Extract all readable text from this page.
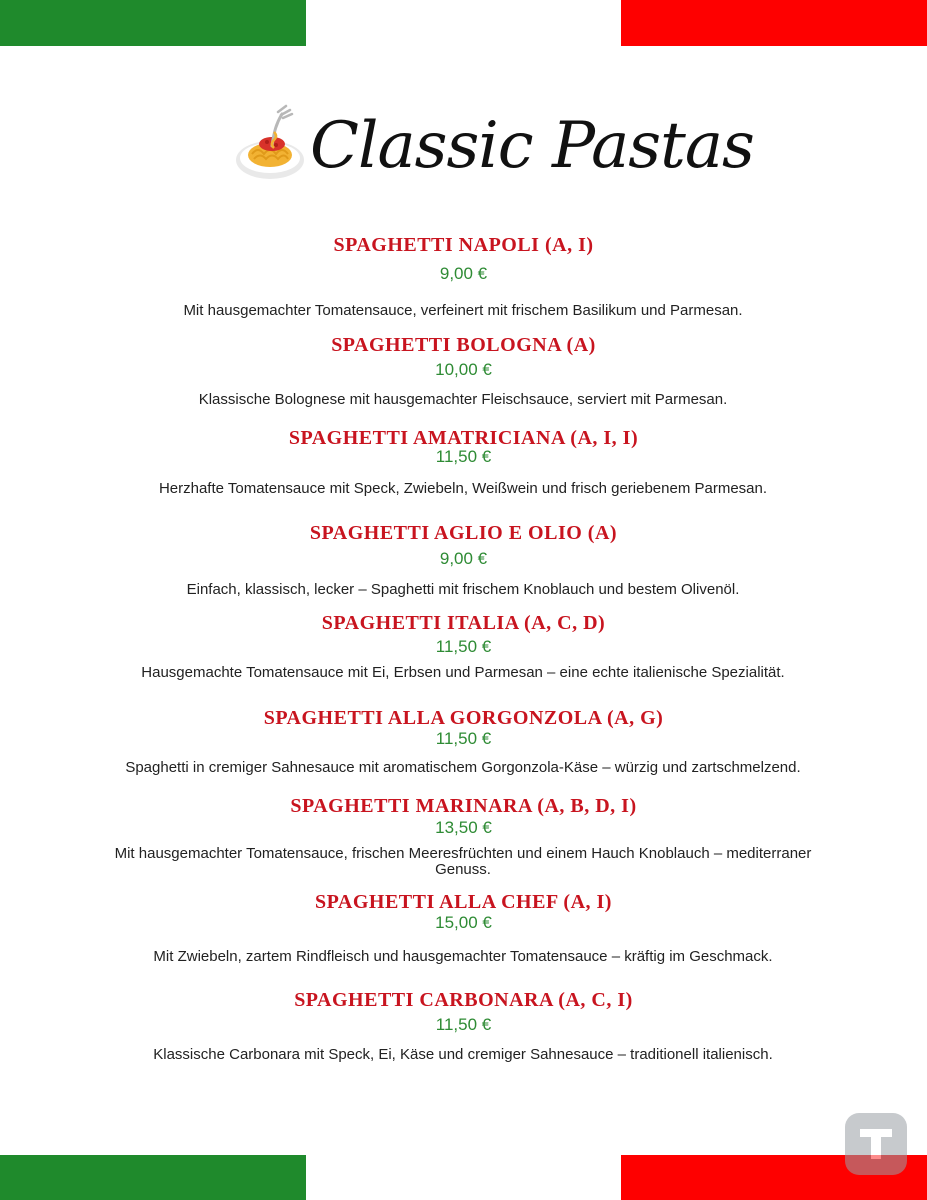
Classic Pastas
SPAGHETTI NAPOLI (A, I)
9,00 €
Mit hausgemachter Tomatensauce, verfeinert mit frischem Basilikum und Parmesan.
SPAGHETTI BOLOGNA (A)
10,00 €
Klassische Bolognese mit hausgemachter Fleischsauce, serviert mit Parmesan.
SPAGHETTI AMATRICIANA (A, I, I)
11,50 €
Herzhafte Tomatensauce mit Speck, Zwiebeln, Weißwein und frisch geriebenem Parmesan.
SPAGHETTI AGLIO E OLIO (A)
9,00 €
Einfach, klassisch, lecker – Spaghetti mit frischem Knoblauch und bestem Olivenöl.
SPAGHETTI ITALIA (A, C, D)
11,50 €
Hausgemachte Tomatensauce mit Ei, Erbsen und Parmesan – eine echte italienische Spezialität.
SPAGHETTI ALLA GORGONZOLA (A, G)
11,50 €
Spaghetti in cremiger Sahnesauce mit aromatischem Gorgonzola-Käse – würzig und zartschmelzend.
SPAGHETTI MARINARA (A, B, D, I)
13,50 €
Mit hausgemachter Tomatensauce, frischen Meeresfrüchten und einem Hauch Knoblauch – mediterraner Genuss.
SPAGHETTI ALLA CHEF (A, I)
15,00 €
Mit Zwiebeln, zartem Rindfleisch und hausgemachter Tomatensauce – kräftig im Geschmack.
SPAGHETTI CARBONARA (A, C, I)
11,50 €
Klassische Carbonara mit Speck, Ei, Käse und cremiger Sahnesauce – traditionell italienisch.
